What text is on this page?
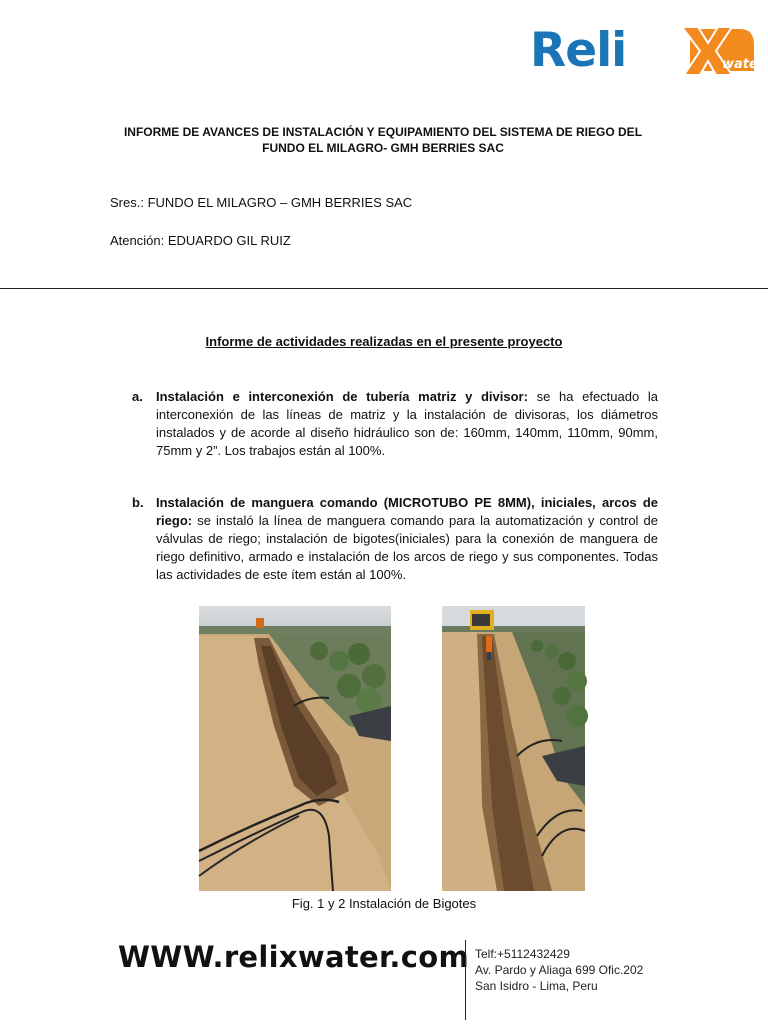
Reli	water
INFORME DE AVANCES DE INSTALACIÓN Y EQUIPAMIENTO DEL SISTEMA DE RIEGO DEL
FUNDO EL MILAGRO- GMH BERRIES SAC
Sres.: FUNDO EL MILAGRO – GMH BERRIES SAC
Atención: EDUARDO GIL RUIZ
Informe de actividades realizadas en el presente proyecto
a.	Instalación e interconexión de tubería matriz y divisor: se ha efectuado la interconexión de las líneas de matriz y la instalación de divisoras, los diámetros instalados y de acorde al diseño hidráulico son de: 160mm, 140mm, 110mm, 90mm, 75mm y 2”. Los trabajos están al 100%.
b. Instalación de manguera comando (MICROTUBO PE 8MM), iniciales, arcos de riego: se instaló la línea de manguera comando para la automatización y control de válvulas de riego; instalación de bigotes(iniciales) para la conexión de manguera de riego definitivo, armado e instalación de los arcos de riego y sus componentes. Todas las actividades de este ítem están al 100%.
Fig. 1 y 2 Instalación de Bigotes
WWW.relixwater.com Telf:+5112432429
Av. Pardo y Aliaga 699 Ofic.202
San Isidro - Lima, Peru
